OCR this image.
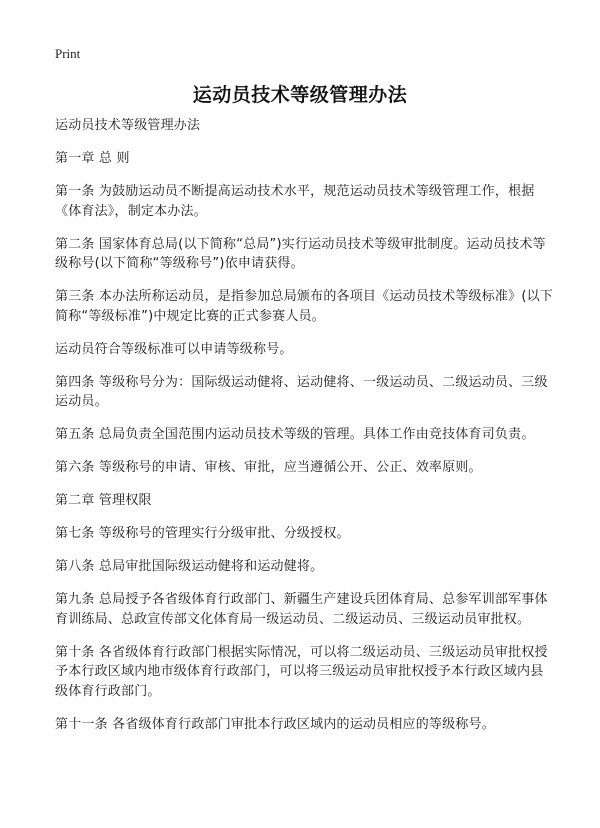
Print
运动员技术等级管理办法

运动员技术等级管理办法

第一章 总 则

第一条 为鼓励运动员不断提高运动技术水平，规范运动员技术等级管理工作，根据《体育法》，制定本办法。

第二条 国家体育总局(以下简称“总局”)实行运动员技术等级审批制度。运动员技术等级称号(以下简称“等级称号”)依申请获得。

第三条 本办法所称运动员，是指参加总局颁布的各项目《运动员技术等级标准》(以下简称“等级标准”)中规定比赛的正式参赛人员。

运动员符合等级标准可以申请等级称号。

第四条 等级称号分为：国际级运动健将、运动健将、一级运动员、二级运动员、三级运动员。

第五条 总局负责全国范围内运动员技术等级的管理。具体工作由竞技体育司负责。

第六条 等级称号的申请、审核、审批，应当遵循公开、公正、效率原则。

第二章 管理权限

第七条 等级称号的管理实行分级审批、分级授权。

第八条 总局审批国际级运动健将和运动健将。

第九条 总局授予各省级体育行政部门、新疆生产建设兵团体育局、总参军训部军事体育训练局、总政宣传部文化体育局一级运动员、二级运动员、三级运动员审批权。

第十条 各省级体育行政部门根据实际情况，可以将二级运动员、三级运动员审批权授予本行政区域内地市级体育行政部门，可以将三级运动员审批权授予本行政区域内县级体育行政部门。

第十一条 各省级体育行政部门审批本行政区域内的运动员相应的等级称号。
